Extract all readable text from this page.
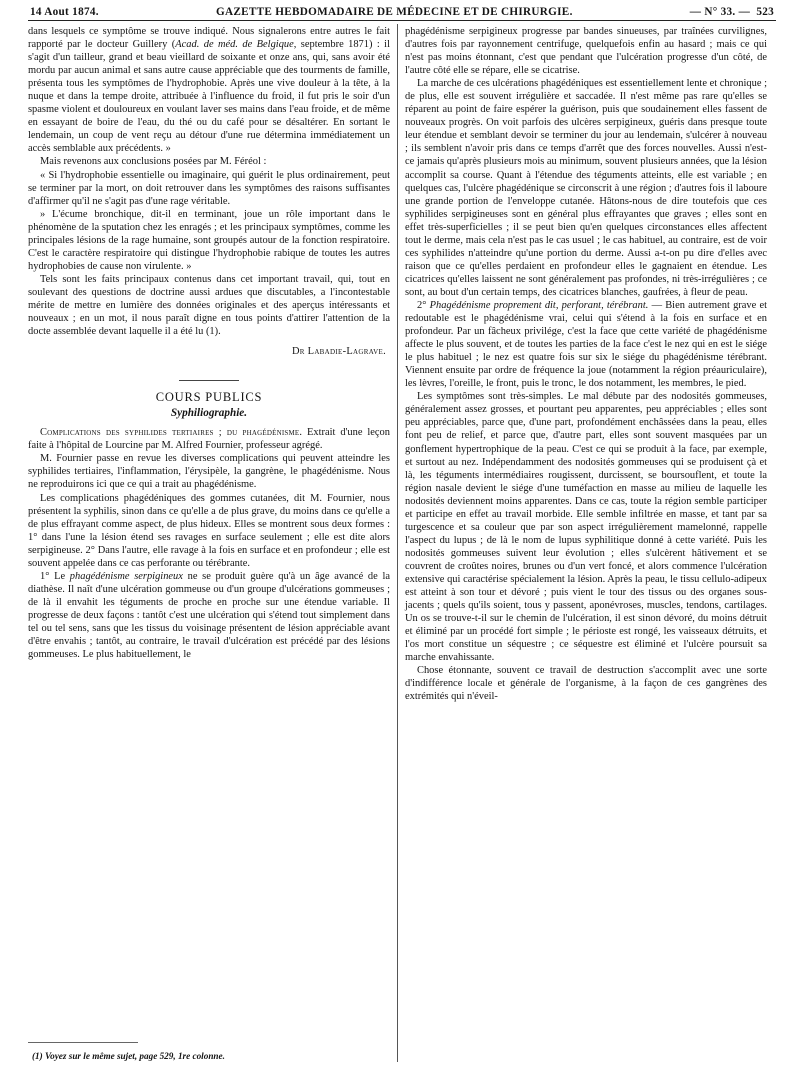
14 Aout 1874.	GAZETTE HEBDOMADAIRE DE MÉDECINE ET DE CHIRURGIE.	— N° 33. — 523

dans lesquels ce symptôme se trouve indiqué. Nous signalerons entre autres le fait rapporté par le docteur Guillery (Acad. de méd. de Belgique, septembre 1871) : il s'agit d'un tailleur, grand et beau vieillard de soixante et onze ans, qui, sans avoir été mordu par aucun animal et sans autre cause appréciable que des tourments de famille, présenta tous les symptômes de l'hydrophobie. Après une vive douleur à la tête, à la nuque et dans la tempe droite, attribuée à l'influence du froid, il fut pris le soir d'un spasme violent et douloureux en voulant laver ses mains dans l'eau froide, et de même en essayant de boire de l'eau, du thé ou du café pour se désaltérer. En sortant le lendemain, un coup de vent reçu au détour d'une rue détermina immédiatement un accès semblable aux précédents. »

Mais revenons aux conclusions posées par M. Féréol :

« Si l'hydrophobie essentielle ou imaginaire, qui guérit le plus ordinairement, peut se terminer par la mort, on doit retrouver dans les symptômes des raisons suffisantes d'affirmer qu'il ne s'agit pas d'une rage véritable.

» L'écume bronchique, dit-il en terminant, joue un rôle important dans le phénomène de la sputation chez les enragés ; et les principaux symptômes, comme les principales lésions de la rage humaine, sont groupés autour de la fonction respiratoire. C'est le caractère respiratoire qui distingue l'hydrophobie rabique de toutes les autres hydrophobies de cause non virulente. »

Tels sont les faits principaux contenus dans cet important travail, qui, tout en soulevant des questions de doctrine aussi ardues que discutables, a l'incontestable mérite de mettre en lumière des données originales et des aperçus intéressants et nouveaux ; en un mot, il nous paraît digne en tous points d'attirer l'attention de la docte assemblée devant laquelle il a été lu (1).

Dr Labadie-Lagrave.
COURS PUBLICS
Syphiliographie.

Complications des syphilides tertiaires ; du phagédénisme. Extrait d'une leçon faite à l'hôpital de Lourcine par M. Alfred Fournier, professeur agrégé.

M. Fournier passe en revue les diverses complications qui peuvent atteindre les syphilides tertiaires, l'inflammation, l'érysipèle, la gangrène, le phagédénisme. Nous ne reproduirons ici que ce qui a trait au phagédénisme.

Les complications phagédéniques des gommes cutanées, dit M. Fournier, nous présentent la syphilis, sinon dans ce qu'elle a de plus grave, du moins dans ce qu'elle a de plus effrayant comme aspect, de plus hideux. Elles se montrent sous deux formes : 1° dans l'une la lésion étend ses ravages en surface seulement ; elle est dite alors serpigineuse. 2° Dans l'autre, elle ravage à la fois en surface et en profondeur ; elle est souvent appelée dans ce cas perforante ou térébrante.

1° Le phagédénisme serpigineux ne se produit guère qu'à un âge avancé de la diathèse. Il naît d'une ulcération gommeuse ou d'un groupe d'ulcérations gommeuses ; de là il envahit les téguments de proche en proche sur une étendue variable. Il progresse de deux façons : tantôt c'est une ulcération qui s'étend tout simplement dans tel ou tel sens, sans que les tissus du voisinage présentent de lésion appréciable avant d'être envahis ; tantôt, au contraire, le travail d'ulcération est précédé par des lésions gommeuses. Le plus habituellement, le

phagédénisme serpigineux progresse par bandes sinueuses, par traînées curvilignes, d'autres fois par rayonnement centrifuge, quelquefois enfin au hasard ; mais ce qui n'est pas moins étonnant, c'est que pendant que l'ulcération progresse d'un côté, de l'autre côté elle se répare, elle se cicatrise.

La marche de ces ulcérations phagédéniques est essentiellement lente et chronique ; de plus, elle est souvent irrégulière et saccadée. Il n'est même pas rare qu'elles se réparent au point de faire espérer la guérison, puis que soudainement elles fassent de nouveaux progrès. On voit parfois des ulcères serpigineux, guéris dans presque toute leur étendue et semblant devoir se terminer du jour au lendemain, s'ulcérer à nouveau ; ils semblent n'avoir pris dans ce temps d'arrêt que des forces nouvelles. Aussi n'est-ce jamais qu'après plusieurs mois au minimum, souvent plusieurs années, que la lésion accomplit sa course. Quant à l'étendue des téguments atteints, elle est variable ; en quelques cas, l'ulcère phagédénique se circonscrit à une région ; d'autres fois il laboure une grande portion de l'enveloppe cutanée. Hâtons-nous de dire toutefois que ces syphilides serpigineuses sont en général plus effrayantes que graves ; elles sont en effet très-superficielles ; il se peut bien qu'en quelques circonstances elles affectent tout le derme, mais cela n'est pas le cas usuel ; le cas habituel, au contraire, est de voir ces syphilides n'atteindre qu'une portion du derme. Aussi a-t-on pu dire d'elles avec raison que ce qu'elles perdaient en profondeur elles le gagnaient en étendue. Les cicatrices qu'elles laissent ne sont généralement pas profondes, ni très-irrégulières ; ce sont, au bout d'un certain temps, des cicatrices blanches, gaufrées, à fleur de peau.

2° Phagédénisme proprement dit, perforant, térébrant. — Bien autrement grave et redoutable est le phagédénisme vrai, celui qui s'étend à la fois en surface et en profondeur. Par un fâcheux privilége, c'est la face que cette variété de phagédénisme affecte le plus souvent, et de toutes les parties de la face c'est le nez qui en est le siége le plus habituel ; le nez est quatre fois sur six le siége du phagédénisme térébrant. Viennent ensuite par ordre de fréquence la joue (notamment la région préauriculaire), les lèvres, l'oreille, le front, puis le tronc, le dos notamment, les membres, le pied.

Les symptômes sont très-simples. Le mal débute par des nodosités gommeuses, généralement assez grosses, et pourtant peu apparentes, peu appréciables ; elles sont peu appréciables, parce que, d'une part, profondément enchâssées dans la peau, elles font peu de relief, et parce que, d'autre part, elles sont souvent masquées par un gonflement hypertrophique de la peau. C'est ce qui se produit à la face, par exemple, et surtout au nez. Indépendamment des nodosités gommeuses qui se produisent çà et là, les téguments intermédiaires rougissent, durcissent, se boursouflent, et toute la région nasale devient le siége d'une tuméfaction en masse au milieu de laquelle les nodosités deviennent moins apparentes. Dans ce cas, toute la région semble participer et participe en effet au travail morbide. Elle semble infiltrée en masse, et tant par sa turgescence et sa couleur que par son aspect irrégulièrement mamelonné, rappelle l'aspect du lupus ; de là le nom de lupus syphilitique donné à cette variété. Puis les nodosités gommeuses suivent leur évolution ; elles s'ulcèrent hâtivement et se couvrent de croûtes noires, brunes ou d'un vert foncé, et alors commence l'ulcération extensive qui caractérise spécialement la lésion. Après la peau, le tissu cellulo-adipeux est atteint à son tour et dévoré ; puis vient le tour des tissus ou des organes sous-jacents ; quels qu'ils soient, tous y passent, aponévroses, muscles, tendons, cartilages. Un os se trouve-t-il sur le chemin de l'ulcération, il est sinon dévoré, du moins détruit et éliminé par un procédé fort simple ; le périoste est rongé, les vaisseaux détruits, et l'os mort constitue un séquestre ; ce séquestre est éliminé et l'ulcère poursuit sa marche envahissante.

Chose étonnante, souvent ce travail de destruction s'accomplit avec une sorte d'indifférence locale et générale de l'organisme, à la façon de ces gangrènes des extrémités qui n'éveil-

(1) Voyez sur le même sujet, page 529, 1re colonne.
